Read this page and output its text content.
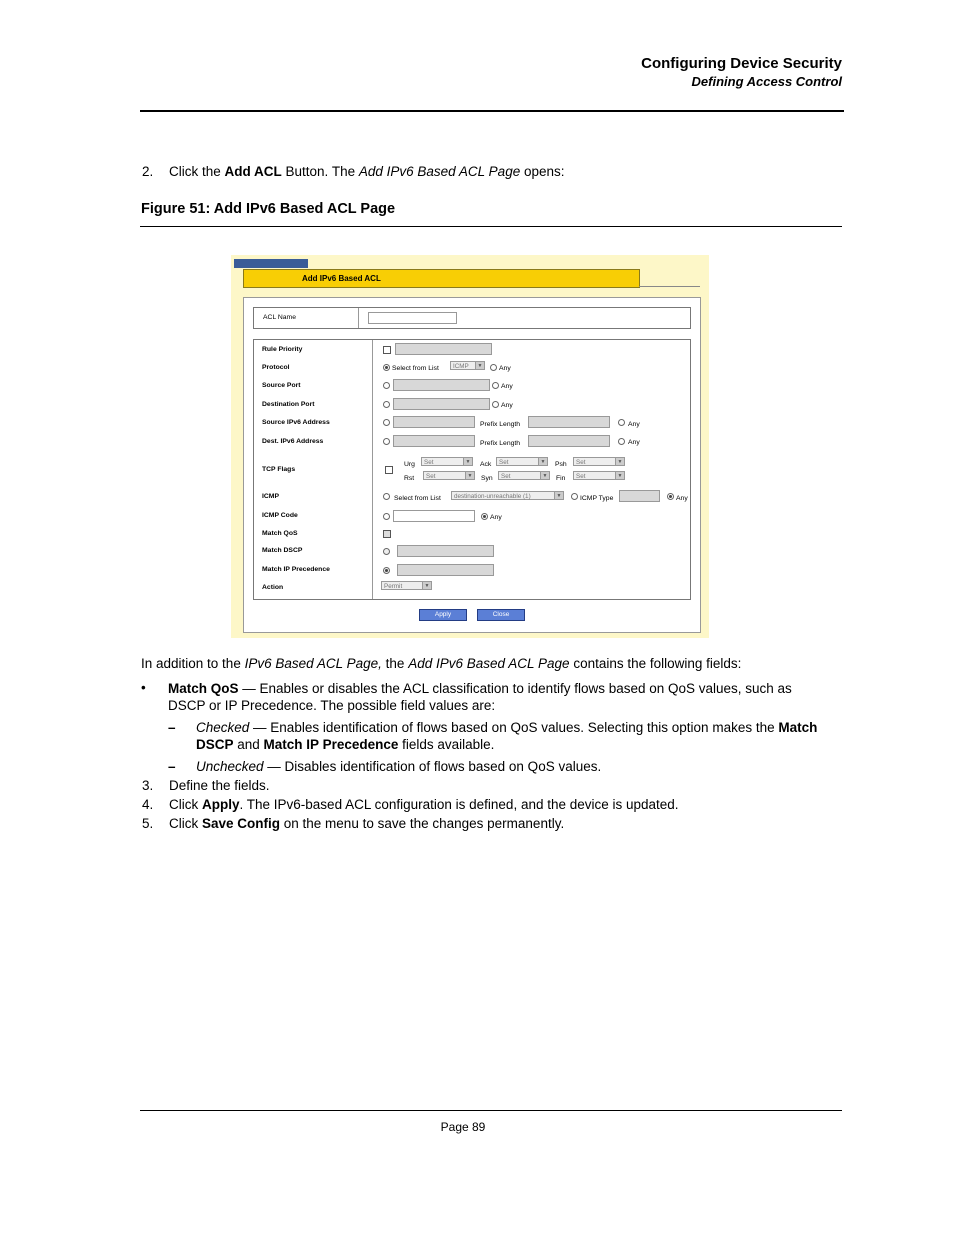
Configuring Device Security
Defining Access Control
2. Click the Add ACL Button. The Add IPv6 Based ACL Page opens:
Figure 51: Add IPv6 Based ACL Page
Add IPv6 Based ACL
ACL Name
Rule Priority
Protocol	Select from List	ICMP	▼ Any
Source Port	Any
Destination Port	Any
Source IPv6 Address	Prefix Length	Any
Dest. IPv6 Address	Prefix Length	Any
TCP Flags
Urg	Set	▼ Ack	Set	▼ Psh	Set	▼
Rst	Set	▼ Syn	Set	▼ Fin	Set	▼
ICMP	Select from List	destination-unreachable (1)	▼	ICMP Type	Any
ICMP Code	Any
Match QoS
Match DSCP
Match IP Precedence
Action	Permit	▼
Apply	Close
In addition to the IPv6 Based ACL Page, the Add IPv6 Based ACL Page contains the following fields:
• Match QoS — Enables or disables the ACL classification to identify flows based on QoS values, such as
DSCP or IP Precedence. The possible field values are:
– Checked — Enables identification of flows based on QoS values. Selecting this option makes the Match
DSCP and Match IP Precedence fields available.
– Unchecked — Disables identification of flows based on QoS values.
3. Define the fields.
4. Click Apply. The IPv6-based ACL configuration is defined, and the device is updated.
5. Click Save Config on the menu to save the changes permanently.
Page 89
